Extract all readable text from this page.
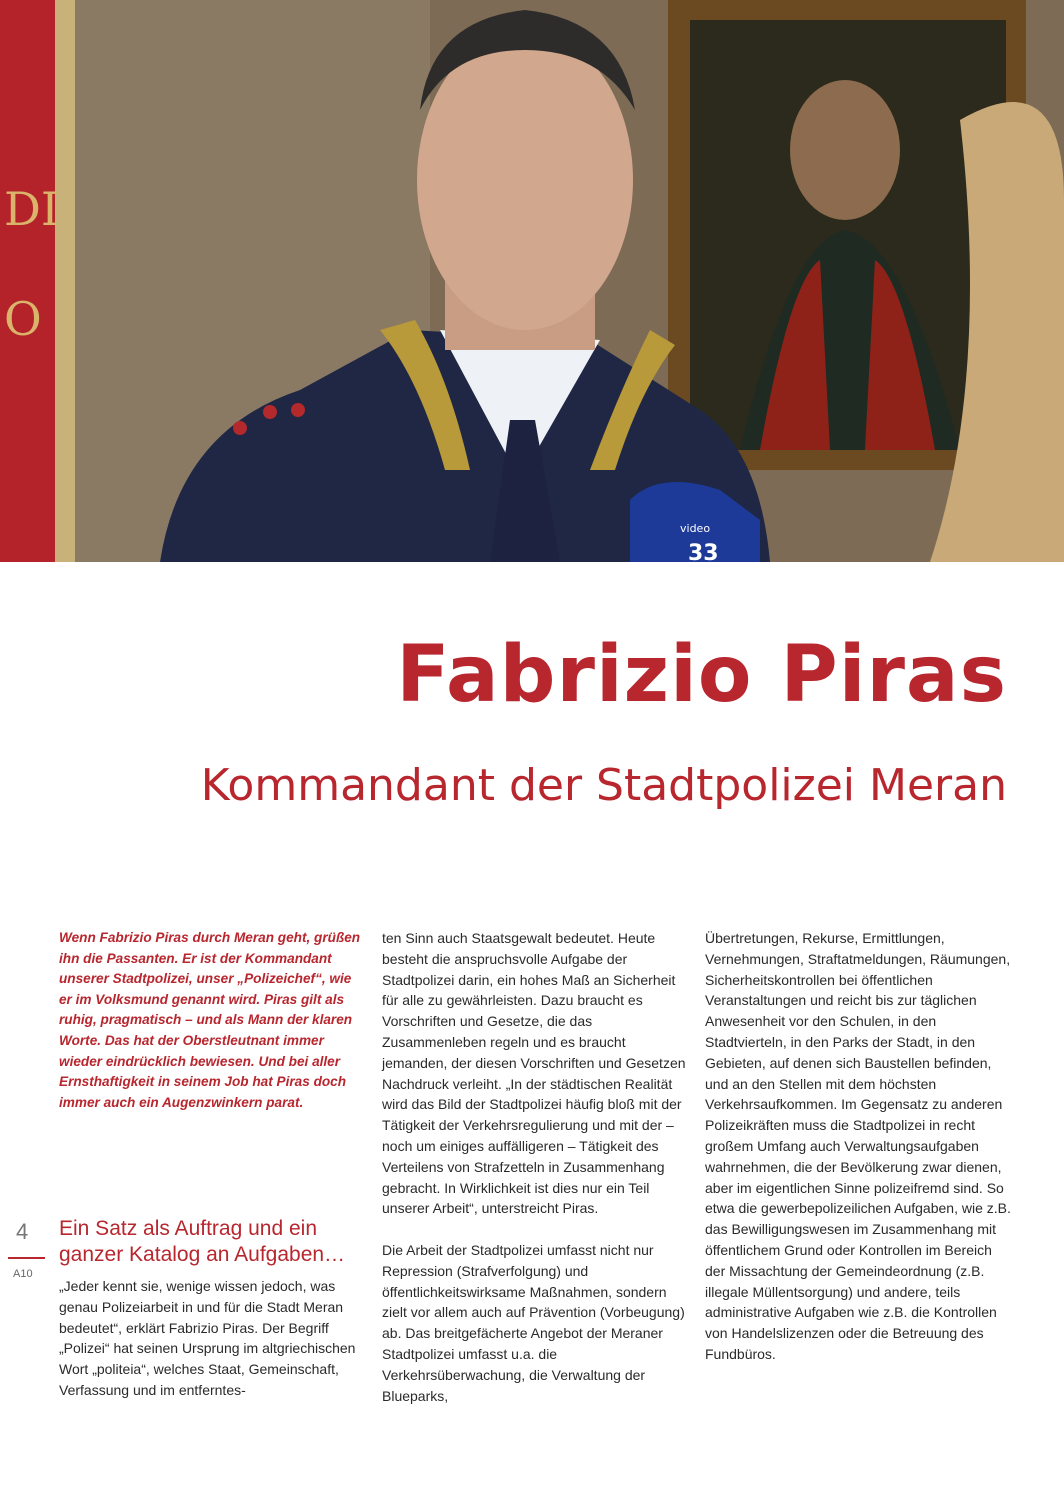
DI
O
video
33
Fabrizio Piras
Kommandant der Stadtpolizei Meran

Wenn Fabrizio Piras durch Meran geht, grüßen ihn die Passanten. Er ist der Kommandant unserer Stadtpolizei, unser „Polizeichef“, wie er im Volksmund genannt wird. Piras gilt als ruhig, pragmatisch – und als Mann der klaren Worte. Das hat der Oberstleutnant immer wieder eindrücklich bewiesen. Und bei aller Ernsthaftigkeit in seinem Job hat Piras doch immer auch ein Augenzwinkern parat.

4
A10
Ein Satz als Auftrag und ein ganzer Katalog an Aufgaben…

„Jeder kennt sie, wenige wissen jedoch, was genau Polizeiarbeit in und für die Stadt Meran bedeutet“, erklärt Fabrizio Piras. Der Begriff „Polizei“ hat seinen Ursprung im altgriechischen Wort „politeia“, welches Staat, Gemeinschaft, Verfassung und im entferntes-

ten Sinn auch Staatsgewalt bedeutet. Heute besteht die anspruchsvolle Aufgabe der Stadtpolizei darin, ein hohes Maß an Sicherheit für alle zu gewährleisten. Dazu braucht es Vorschriften und Gesetze, die das Zusammenleben regeln und es braucht jemanden, der diesen Vorschriften und Gesetzen Nachdruck verleiht. „In der städtischen Realität wird das Bild der Stadtpolizei häufig bloß mit der Tätigkeit der Verkehrsregulierung und mit der – noch um einiges auffälligeren – Tätigkeit des Verteilens von Strafzetteln in Zusammenhang gebracht. In Wirklichkeit ist dies nur ein Teil unserer Arbeit“, unterstreicht Piras.

Die Arbeit der Stadtpolizei umfasst nicht nur Repression (Strafverfolgung) und öffentlichkeitswirksame Maßnahmen, sondern zielt vor allem auch auf Prävention (Vorbeugung) ab. Das breitgefächerte Angebot der Meraner Stadtpolizei umfasst u.a. die Verkehrsüberwachung, die Verwaltung der Blueparks,

Übertretungen, Rekurse, Ermittlungen, Vernehmungen, Straftatmeldungen, Räumungen, Sicherheitskontrollen bei öffentlichen Veranstaltungen und reicht bis zur täglichen Anwesenheit vor den Schulen, in den Stadtvierteln, in den Parks der Stadt, in den Gebieten, auf denen sich Baustellen befinden, und an den Stellen mit dem höchsten Verkehrsaufkommen. Im Gegensatz zu anderen Polizeikräften muss die Stadtpolizei in recht großem Umfang auch Verwaltungsaufgaben wahrnehmen, die der Bevölkerung zwar dienen, aber im eigentlichen Sinne polizeifremd sind. So etwa die gewerbepolizeilichen Aufgaben, wie z.B. das Bewilligungswesen im Zusammenhang mit öffentlichem Grund oder Kontrollen im Bereich der Missachtung der Gemeindeordnung (z.B. illegale Müllentsorgung) und andere, teils administrative Aufgaben wie z.B. die Kontrollen von Handelslizenzen oder die Betreuung des Fundbüros.
